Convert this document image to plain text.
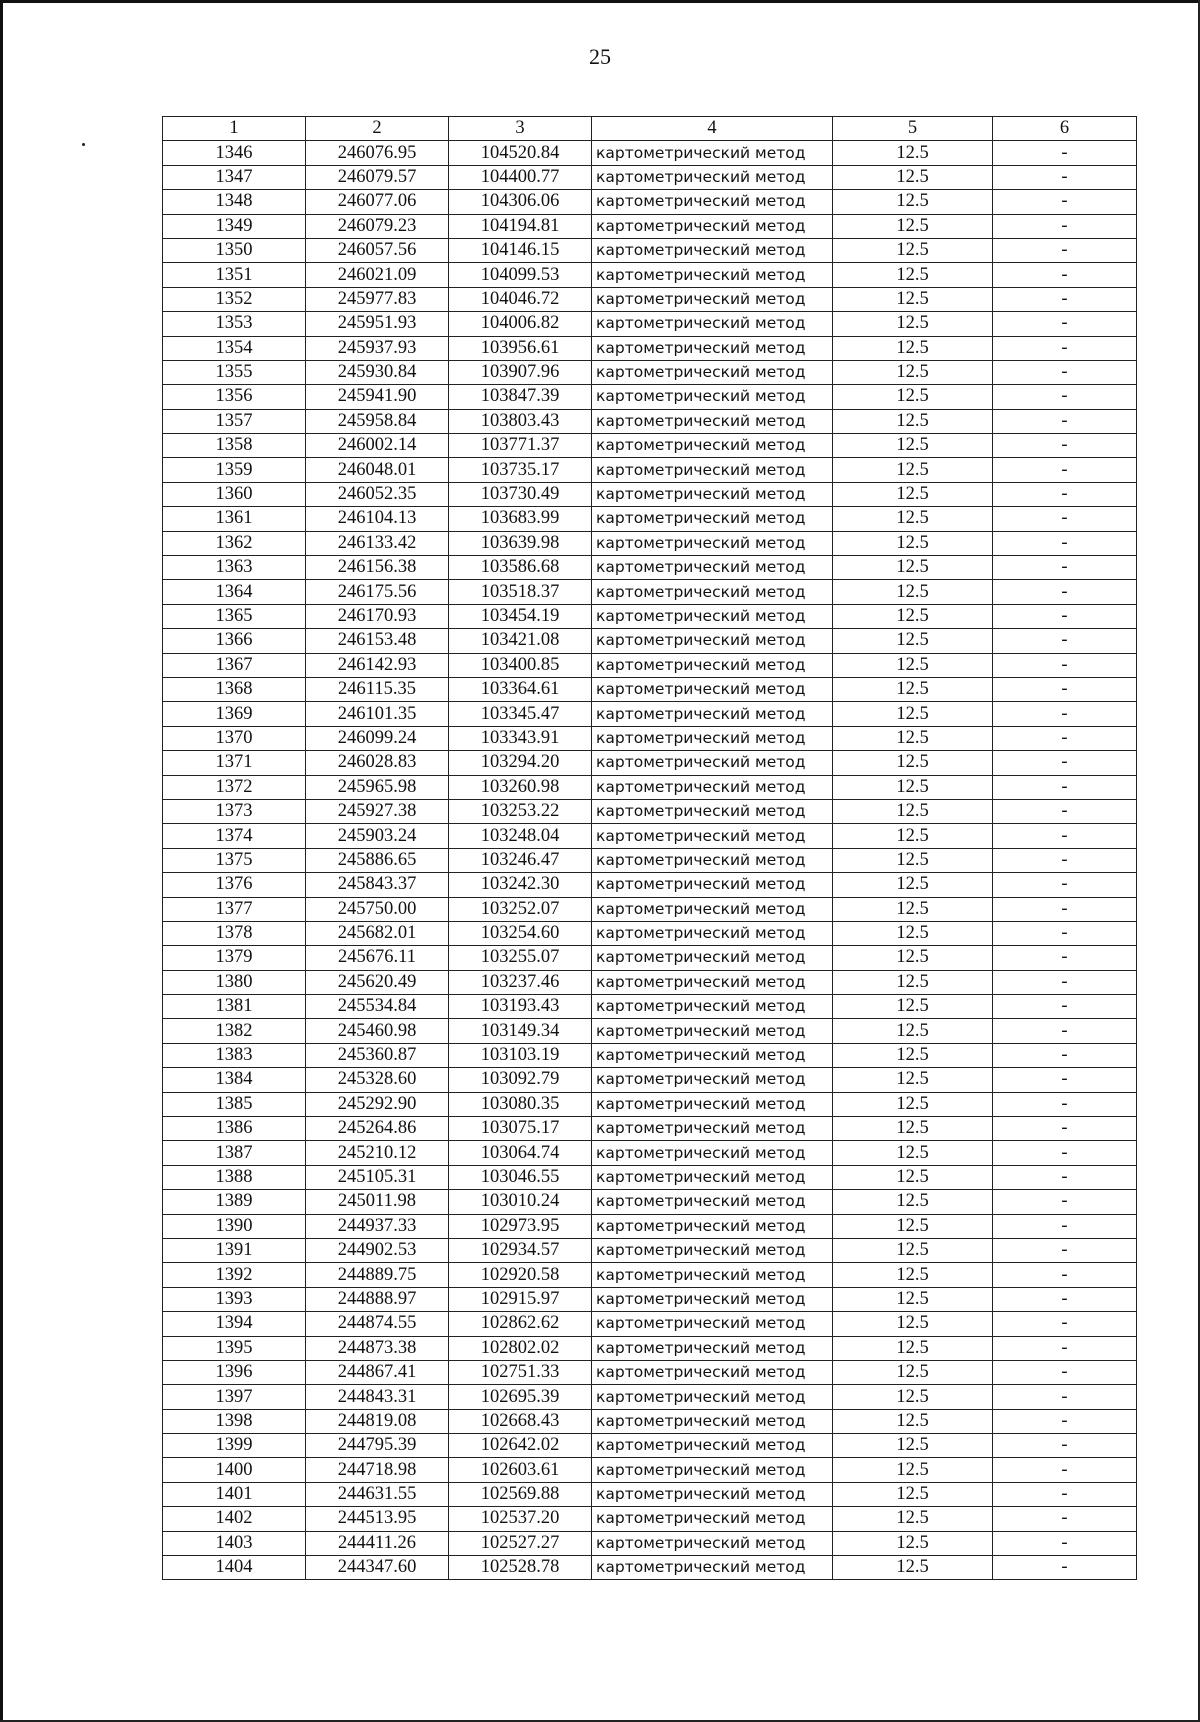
25
1	2	3	4	5	6
1346	246076.95	104520.84	картометрический метод	12.5	-
1347	246079.57	104400.77	картометрический метод	12.5	-
1348	246077.06	104306.06	картометрический метод	12.5	-
1349	246079.23	104194.81	картометрический метод	12.5	-
1350	246057.56	104146.15	картометрический метод	12.5	-
1351	246021.09	104099.53	картометрический метод	12.5	-
1352	245977.83	104046.72	картометрический метод	12.5	-
1353	245951.93	104006.82	картометрический метод	12.5	-
1354	245937.93	103956.61	картометрический метод	12.5	-
1355	245930.84	103907.96	картометрический метод	12.5	-
1356	245941.90	103847.39	картометрический метод	12.5	-
1357	245958.84	103803.43	картометрический метод	12.5	-
1358	246002.14	103771.37	картометрический метод	12.5	-
1359	246048.01	103735.17	картометрический метод	12.5	-
1360	246052.35	103730.49	картометрический метод	12.5	-
1361	246104.13	103683.99	картометрический метод	12.5	-
1362	246133.42	103639.98	картометрический метод	12.5	-
1363	246156.38	103586.68	картометрический метод	12.5	-
1364	246175.56	103518.37	картометрический метод	12.5	-
1365	246170.93	103454.19	картометрический метод	12.5	-
1366	246153.48	103421.08	картометрический метод	12.5	-
1367	246142.93	103400.85	картометрический метод	12.5	-
1368	246115.35	103364.61	картометрический метод	12.5	-
1369	246101.35	103345.47	картометрический метод	12.5	-
1370	246099.24	103343.91	картометрический метод	12.5	-
1371	246028.83	103294.20	картометрический метод	12.5	-
1372	245965.98	103260.98	картометрический метод	12.5	-
1373	245927.38	103253.22	картометрический метод	12.5	-
1374	245903.24	103248.04	картометрический метод	12.5	-
1375	245886.65	103246.47	картометрический метод	12.5	-
1376	245843.37	103242.30	картометрический метод	12.5	-
1377	245750.00	103252.07	картометрический метод	12.5	-
1378	245682.01	103254.60	картометрический метод	12.5	-
1379	245676.11	103255.07	картометрический метод	12.5	-
1380	245620.49	103237.46	картометрический метод	12.5	-
1381	245534.84	103193.43	картометрический метод	12.5	-
1382	245460.98	103149.34	картометрический метод	12.5	-
1383	245360.87	103103.19	картометрический метод	12.5	-
1384	245328.60	103092.79	картометрический метод	12.5	-
1385	245292.90	103080.35	картометрический метод	12.5	-
1386	245264.86	103075.17	картометрический метод	12.5	-
1387	245210.12	103064.74	картометрический метод	12.5	-
1388	245105.31	103046.55	картометрический метод	12.5	-
1389	245011.98	103010.24	картометрический метод	12.5	-
1390	244937.33	102973.95	картометрический метод	12.5	-
1391	244902.53	102934.57	картометрический метод	12.5	-
1392	244889.75	102920.58	картометрический метод	12.5	-
1393	244888.97	102915.97	картометрический метод	12.5	-
1394	244874.55	102862.62	картометрический метод	12.5	-
1395	244873.38	102802.02	картометрический метод	12.5	-
1396	244867.41	102751.33	картометрический метод	12.5	-
1397	244843.31	102695.39	картометрический метод	12.5	-
1398	244819.08	102668.43	картометрический метод	12.5	-
1399	244795.39	102642.02	картометрический метод	12.5	-
1400	244718.98	102603.61	картометрический метод	12.5	-
1401	244631.55	102569.88	картометрический метод	12.5	-
1402	244513.95	102537.20	картометрический метод	12.5	-
1403	244411.26	102527.27	картометрический метод	12.5	-
1404	244347.60	102528.78	картометрический метод	12.5	-
